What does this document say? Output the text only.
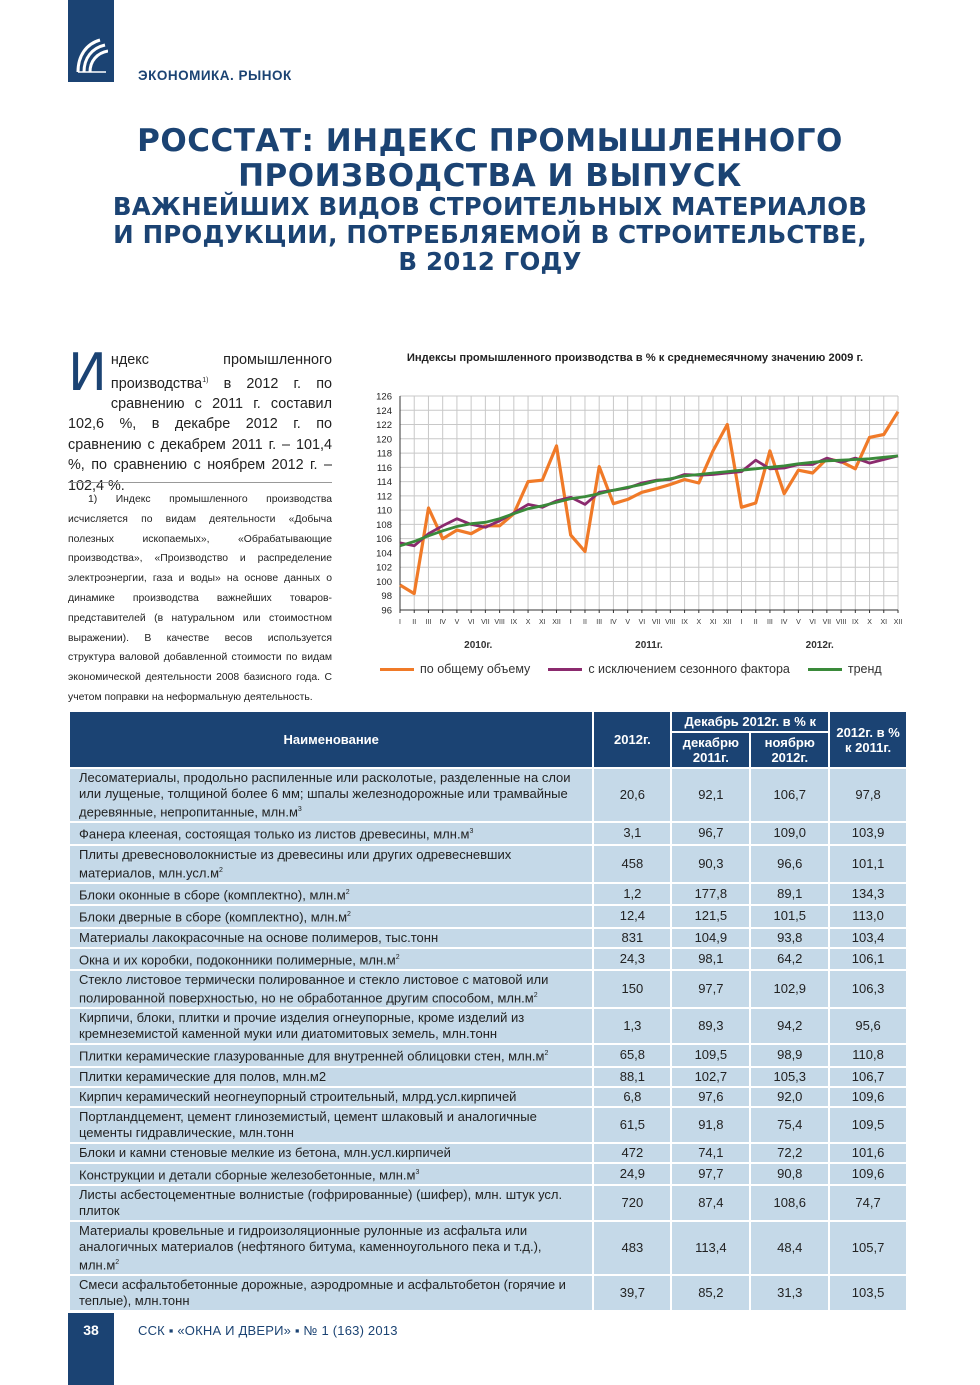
ЭКОНОМИКА. РЫНОК
РОССТАТ: ИНДЕКС ПРОМЫШЛЕННОГО
ПРОИЗВОДСТВА И ВЫПУСК
ВАЖНЕЙШИХ ВИДОВ СТРОИТЕЛЬНЫХ МАТЕРИАЛОВ
И ПРОДУКЦИИ, ПОТРЕБЛЯЕМОЙ В СТРОИТЕЛЬСТВЕ,
В 2012 ГОДУ
Индекс промышленного производства$^{1)}$ в 2012 г. по сравнению с 2011 г. составил 102,6 %, в декабре 2012 г. по сравнению с декабрем 2011 г. – 101,4 %, по сравнению с ноябрем 2012 г. – 102,4 %.
1) Индекс промышленного производства исчисляется по видам деятельности «Добыча полезных ископаемых», «Обрабатывающие производства», «Производство и распределение электроэнергии, газа и воды» на основе данных о динамике производства важнейших товаров-представителей (в натуральном или стоимостном выражении). В качестве весов используется структура валовой добавленной стоимости по видам экономической деятельности 2008 базисного года. С учетом поправки на неформальную деятельность.
Индексы промышленного производства в % к среднемесячному значению 2009 г.
96
98
100
102
104
106
108
110
112
114
116
118
120
122
124
126
I II III IV V VI VII VIII IX X XI XII I II III IV V VI VII VIII IX X XI XII I II III IV V VI VII VIII IX X XI XII
2010г.	2011г.	2012г.
по общему объему	с исключением сезонного фактора	тренд
Наименование	2012г.	Декабрь 2012г. в % к		2012г. в % к 2011г.
		декабрю 2011г.	ноябрю 2012г.	
Лесоматериалы, продольно распиленные или расколотые, разделенные на слои или лущеные, толщиной более 6 мм; шпалы железнодорожные или трамвайные деревянные, непропитанные, $млн.м^3$	20,6	92,1	106,7	97,8
Фанера клееная, состоящая только из листов древесины, $млн.м^3$	3,1	96,7	109,0	103,9
Плиты древесноволокнистые из древесины или других одревесневших материалов, $млн.усл.м^2$	458	90,3	96,6	101,1
Блоки оконные в сборе (комплектно), $млн.м^2$	1,2	177,8	89,1	134,3
Блоки дверные в сборе (комплектно), $млн.м^2$	12,4	121,5	101,5	113,0
Материалы лакокрасочные на основе полимеров, тыс.тонн	831	104,9	93,8	103,4
Окна и их коробки, подоконники полимерные, $млн.м^2$	24,3	98,1	64,2	106,1
Стекло листовое термически полированное и стекло листовое с матовой или полированной поверхностью, но не обработанное другим способом, $млн.м^2$	150	97,7	102,9	106,3
Кирпичи, блоки, плитки и прочие изделия огнеупорные, кроме изделий из кремнеземистой каменной муки или диатомитовых земель, млн.тонн	1,3	89,3	94,2	95,6
Плитки керамические глазурованные для внутренней облицовки стен, $млн.м^2$	65,8	109,5	98,9	110,8
Плитки керамические для полов, млн.м2	88,1	102,7	105,3	106,7
Кирпич керамический неогнеупорный строительный, млрд.усл.кирпичей	6,8	97,6	92,0	109,6
Портландцемент, цемент глиноземистый, цемент шлаковый и аналогичные цементы гидравлические, млн.тонн	61,5	91,8	75,4	109,5
Блоки и камни стеновые мелкие из бетона, млн.усл.кирпичей	472	74,1	72,2	101,6
Конструкции и детали сборные железобетонные, $млн.м^3$	24,9	97,7	90,8	109,6
Листы асбестоцементные волнистые (гофрированные) (шифер), млн. штук усл. плиток	720	87,4	108,6	74,7
Материалы кровельные и гидроизоляционные рулонные из асфальта или аналогичных материалов (нефтяного битума, каменноугольного пека и т.д.), $млн.м^2$	483	113,4	48,4	105,7
Смеси асфальтобетонные дорожные, аэродромные и асфальтобетон (горячие и теплые), млн.тонн	39,7	85,2	31,3	103,5
38	ССК ▪ «ОКНА И ДВЕРИ» ▪ № 1 (163) 2013
